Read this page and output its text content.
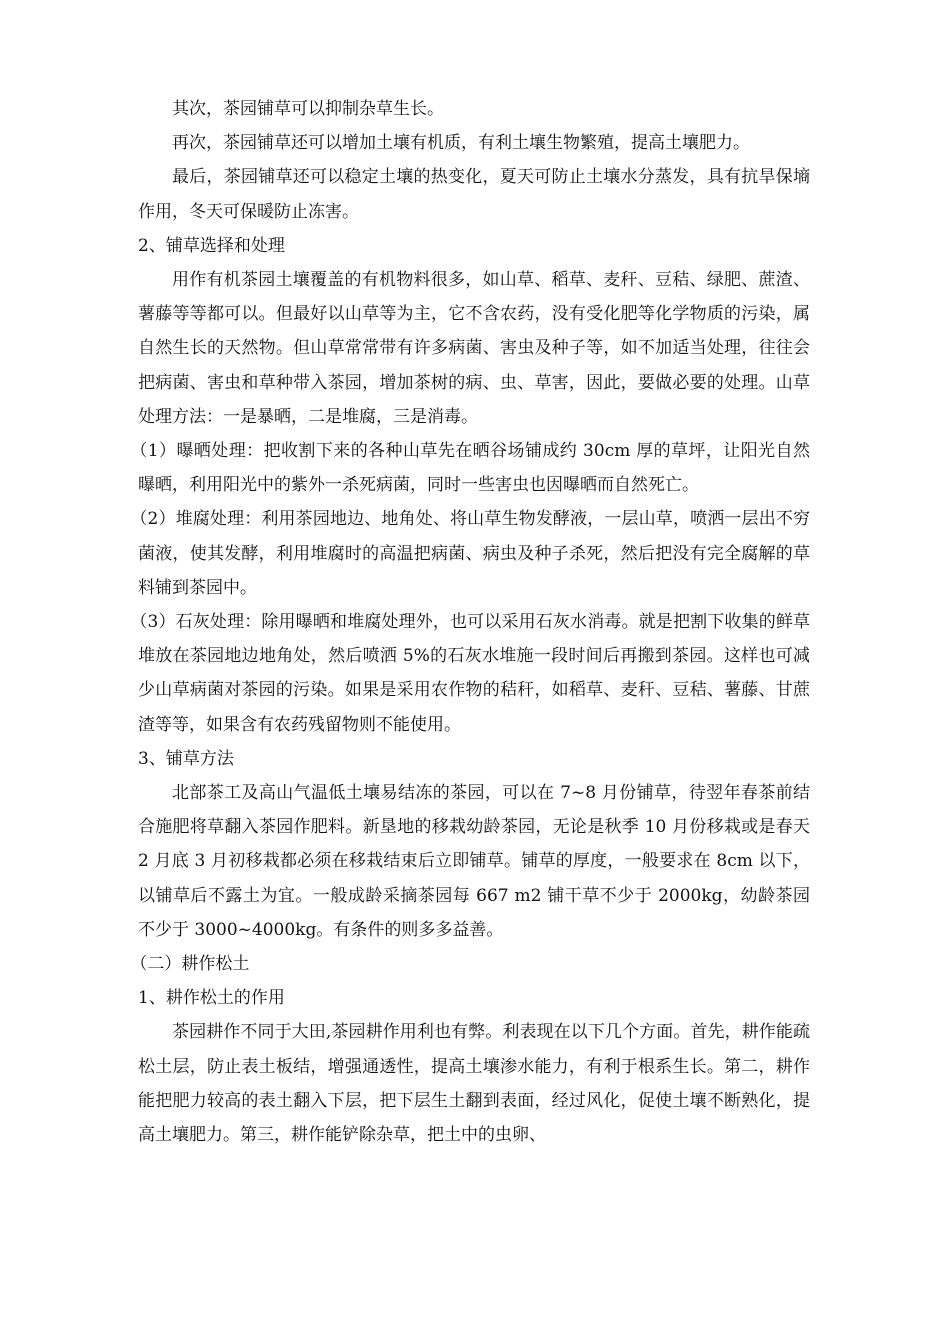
其次，茶园铺草可以抑制杂草生长。

再次，茶园铺草还可以增加土壤有机质，有利土壤生物繁殖，提高土壤肥力。

最后，茶园铺草还可以稳定土壤的热变化，夏天可防止土壤水分蒸发，具有抗旱保墒作用，冬天可保暖防止冻害。

2、铺草选择和处理

用作有机茶园土壤覆盖的有机物料很多，如山草、稻草、麦秆、豆秸、绿肥、蔗渣、薯藤等等都可以。但最好以山草等为主，它不含农药，没有受化肥等化学物质的污染，属自然生长的天然物。但山草常常带有许多病菌、害虫及种子等，如不加适当处理，往往会把病菌、害虫和草种带入茶园，增加茶树的病、虫、草害，因此，要做必要的处理。山草处理方法：一是暴晒，二是堆腐，三是消毒。

（1）曝晒处理：把收割下来的各种山草先在晒谷场铺成约 30cm 厚的草坪，让阳光自然曝晒，利用阳光中的紫外一杀死病菌，同时一些害虫也因曝晒而自然死亡。

（2）堆腐处理：利用茶园地边、地角处、将山草生物发酵液，一层山草，喷洒一层出不穷菌液，使其发酵，利用堆腐时的高温把病菌、病虫及种子杀死，然后把没有完全腐解的草料铺到茶园中。

（3）石灰处理：除用曝晒和堆腐处理外，也可以采用石灰水消毒。就是把割下收集的鲜草堆放在茶园地边地角处，然后喷洒 5%的石灰水堆施一段时间后再搬到茶园。这样也可减少山草病菌对茶园的污染。如果是采用农作物的秸秆，如稻草、麦秆、豆秸、薯藤、甘蔗渣等等，如果含有农药残留物则不能使用。

3、铺草方法

北部茶工及高山气温低土壤易结冻的茶园，可以在 7~8 月份铺草，待翌年春茶前结合施肥将草翻入茶园作肥料。新垦地的移栽幼龄茶园，无论是秋季 10 月份移栽或是春天 2 月底 3 月初移栽都必须在移栽结束后立即铺草。铺草的厚度，一般要求在 8cm 以下，以铺草后不露土为宜。一般成龄采摘茶园每 667 m2 铺干草不少于 2000kg，幼龄茶园不少于 3000~4000kg。有条件的则多多益善。

（二）耕作松土

1、耕作松土的作用

茶园耕作不同于大田,茶园耕作用利也有弊。利表现在以下几个方面。首先，耕作能疏松土层，防止表土板结，增强通透性，提高土壤渗水能力，有利于根系生长。第二，耕作能把肥力较高的表土翻入下层，把下层生土翻到表面，经过风化，促使土壤不断熟化，提高土壤肥力。第三，耕作能铲除杂草，把土中的虫卵、
